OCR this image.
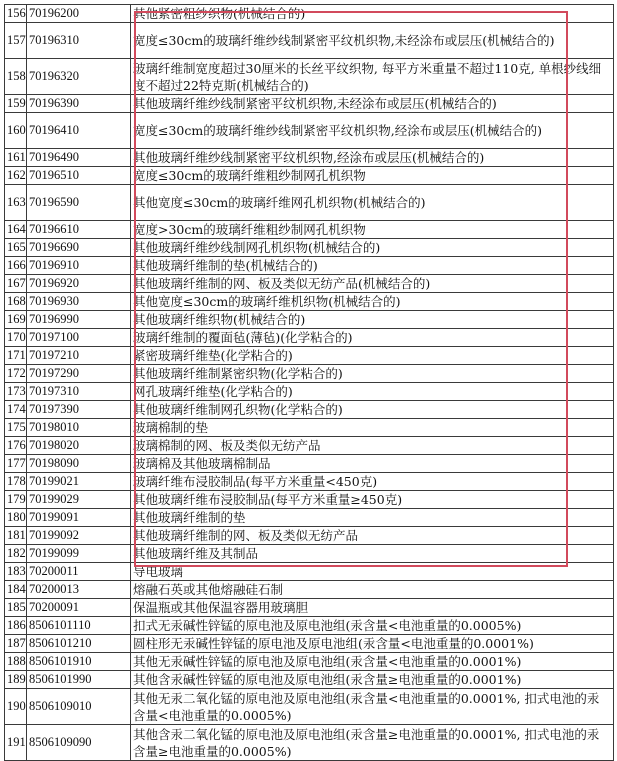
156	70196200	其他紧密粗纱织物(机械结合的)
157	70196310	宽度≤30cm的玻璃纤维纱线制紧密平纹机织物,未经涂布或层压(机械结合的)
158	70196320	玻璃纤维制宽度超过30厘米的长丝平纹织物, 每平方米重量不超过110克, 单根纱线细度不超过22特克斯(机械结合的)
159	70196390	其他玻璃纤维纱线制紧密平纹机织物,未经涂布或层压(机械结合的)
160	70196410	宽度≤30cm的玻璃纤维纱线制紧密平纹机织物,经涂布或层压(机械结合的)
161	70196490	其他玻璃纤维纱线制紧密平纹机织物,经涂布或层压(机械结合的)
162	70196510	宽度≤30cm的玻璃纤维粗纱制网孔机织物
163	70196590	其他宽度≤30cm的玻璃纤维网孔机织物(机械结合的)
164	70196610	宽度>30cm的玻璃纤维粗纱制网孔机织物
165	70196690	其他玻璃纤维纱线制网孔机织物(机械结合的)
166	70196910	其他玻璃纤维制的垫(机械结合的)
167	70196920	其他玻璃纤维制的网、板及类似无纺产品(机械结合的)
168	70196930	其他宽度≤30cm的玻璃纤维机织物(机械结合的)
169	70196990	其他玻璃纤维织物(机械结合的)
170	70197100	玻璃纤维制的覆面毡(薄毡)(化学粘合的)
171	70197210	紧密玻璃纤维垫(化学粘合的)
172	70197290	其他玻璃纤维制紧密织物(化学粘合的)
173	70197310	网孔玻璃纤维垫(化学粘合的)
174	70197390	其他玻璃纤维制网孔织物(化学粘合的)
175	70198010	玻璃棉制的垫
176	70198020	玻璃棉制的网、板及类似无纺产品
177	70198090	玻璃棉及其他玻璃棉制品
178	70199021	玻璃纤维布浸胶制品(每平方米重量<450克)
179	70199029	其他玻璃纤维布浸胶制品(每平方米重量≥450克)
180	70199091	其他玻璃纤维制的垫
181	70199092	其他玻璃纤维制的网、板及类似无纺产品
182	70199099	其他玻璃纤维及其制品
183	70200011	导电玻璃
184	70200013	熔融石英或其他熔融硅石制
185	70200091	保温瓶或其他保温容器用玻璃胆
186	8506101110	扣式无汞碱性锌锰的原电池及原电池组(汞含量<电池重量的0.0005%)
187	8506101210	圆柱形无汞碱性锌锰的原电池及原电池组(汞含量<电池重量的0.0001%)
188	8506101910	其他无汞碱性锌锰的原电池及原电池组(汞含量<电池重量的0.0001%)
189	8506101990	其他含汞碱性锌锰的原电池及原电池组(汞含量≥电池重量的0.0001%)
190	8506109010	其他无汞二氧化锰的原电池及原电池组(汞含量<电池重量的0.0001%, 扣式电池的汞含量<电池重量的0.0005%)
191	8506109090	其他含汞二氧化锰的原电池及原电池组(汞含量≥电池重量的0.0001%, 扣式电池的汞含量≥电池重量的0.0005%)
